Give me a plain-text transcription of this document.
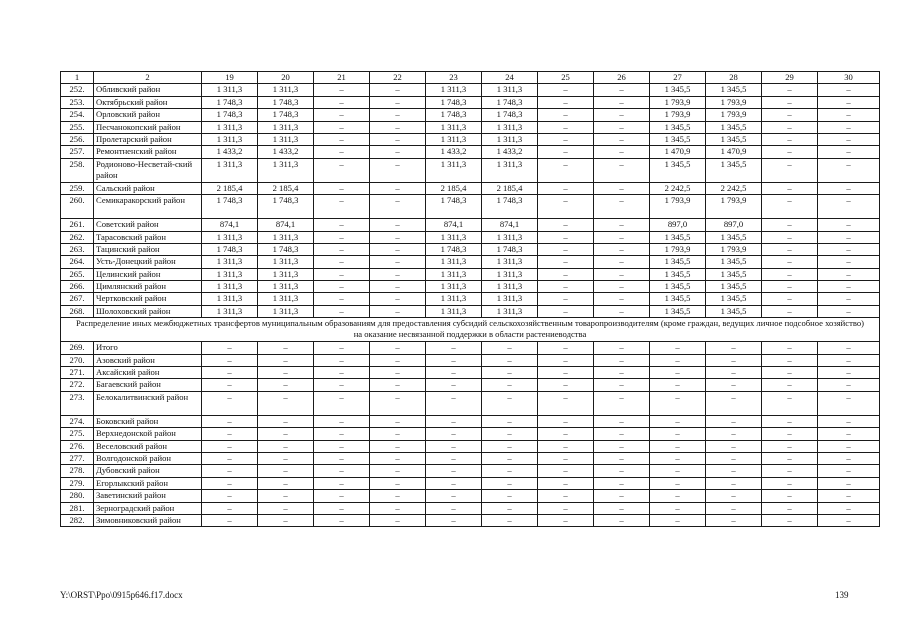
1	2	19	20	21	22	23	24	25	26	27	28	29	30
252.	Обливский район	1 311,3	1 311,3	–	–	1 311,3	1 311,3	–	–	1 345,5	1 345,5	–	–
253.	Октябрьский район	1 748,3	1 748,3	–	–	1 748,3	1 748,3	–	–	1 793,9	1 793,9	–	–
254.	Орловский район	1 748,3	1 748,3	–	–	1 748,3	1 748,3	–	–	1 793,9	1 793,9	–	–
255.	Песчанокопский район	1 311,3	1 311,3	–	–	1 311,3	1 311,3	–	–	1 345,5	1 345,5	–	–
256.	Пролетарский район	1 311,3	1 311,3	–	–	1 311,3	1 311,3	–	–	1 345,5	1 345,5	–	–
257.	Ремонтненский район	1 433,2	1 433,2	–	–	1 433,2	1 433,2	–	–	1 470,9	1 470,9	–	–
258.	Родионово-Несветай-ский район	1 311,3	1 311,3	–	–	1 311,3	1 311,3	–	–	1 345,5	1 345,5	–	–
259.	Сальский район	2 185,4	2 185,4	–	–	2 185,4	2 185,4	–	–	2 242,5	2 242,5	–	–
260.	Семикаракорский район	1 748,3	1 748,3	–	–	1 748,3	1 748,3	–	–	1 793,9	1 793,9	–	–
261.	Советский район	874,1	874,1	–	–	874,1	874,1	–	–	897,0	897,0	–	–
262.	Тарасовский район	1 311,3	1 311,3	–	–	1 311,3	1 311,3	–	–	1 345,5	1 345,5	–	–
263.	Тацинский район	1 748,3	1 748,3	–	–	1 748,3	1 748,3	–	–	1 793,9	1 793,9	–	–
264.	Усть-Донецкий район	1 311,3	1 311,3	–	–	1 311,3	1 311,3	–	–	1 345,5	1 345,5	–	–
265.	Целинский район	1 311,3	1 311,3	–	–	1 311,3	1 311,3	–	–	1 345,5	1 345,5	–	–
266.	Цимлянский район	1 311,3	1 311,3	–	–	1 311,3	1 311,3	–	–	1 345,5	1 345,5	–	–
267.	Чертковский район	1 311,3	1 311,3	–	–	1 311,3	1 311,3	–	–	1 345,5	1 345,5	–	–
268.	Шолоховский район	1 311,3	1 311,3	–	–	1 311,3	1 311,3	–	–	1 345,5	1 345,5	–	–
Распределение иных межбюджетных трансфертов муниципальным образованиям для предоставления субсидий сельскохозяйственным товаропроизводителям (кроме граждан, ведущих личное подсобное хозяйство) на оказание несвязанной поддержки в области растениеводства													
269.	Итого	–	–	–	–	–	–	–	–	–	–	–	–
270.	Азовский район	–	–	–	–	–	–	–	–	–	–	–	–
271.	Аксайский район	–	–	–	–	–	–	–	–	–	–	–	–
272.	Багаевский район	–	–	–	–	–	–	–	–	–	–	–	–
273.	Белокалитвинский район	–	–	–	–	–	–	–	–	–	–	–	–
274.	Боковский район	–	–	–	–	–	–	–	–	–	–	–	–
275.	Верхнедонской район	–	–	–	–	–	–	–	–	–	–	–	–
276.	Веселовский район	–	–	–	–	–	–	–	–	–	–	–	–
277.	Волгодонской район	–	–	–	–	–	–	–	–	–	–	–	–
278.	Дубовский район	–	–	–	–	–	–	–	–	–	–	–	–
279.	Егорлыкский район	–	–	–	–	–	–	–	–	–	–	–	–
280.	Заветинский район	–	–	–	–	–	–	–	–	–	–	–	–
281.	Зерноградский район	–	–	–	–	–	–	–	–	–	–	–	–
282.	Зимовниковский район	–	–	–	–	–	–	–	–	–	–	–	–
Y:\ORST\Ppo\0915p646.f17.docx	139
